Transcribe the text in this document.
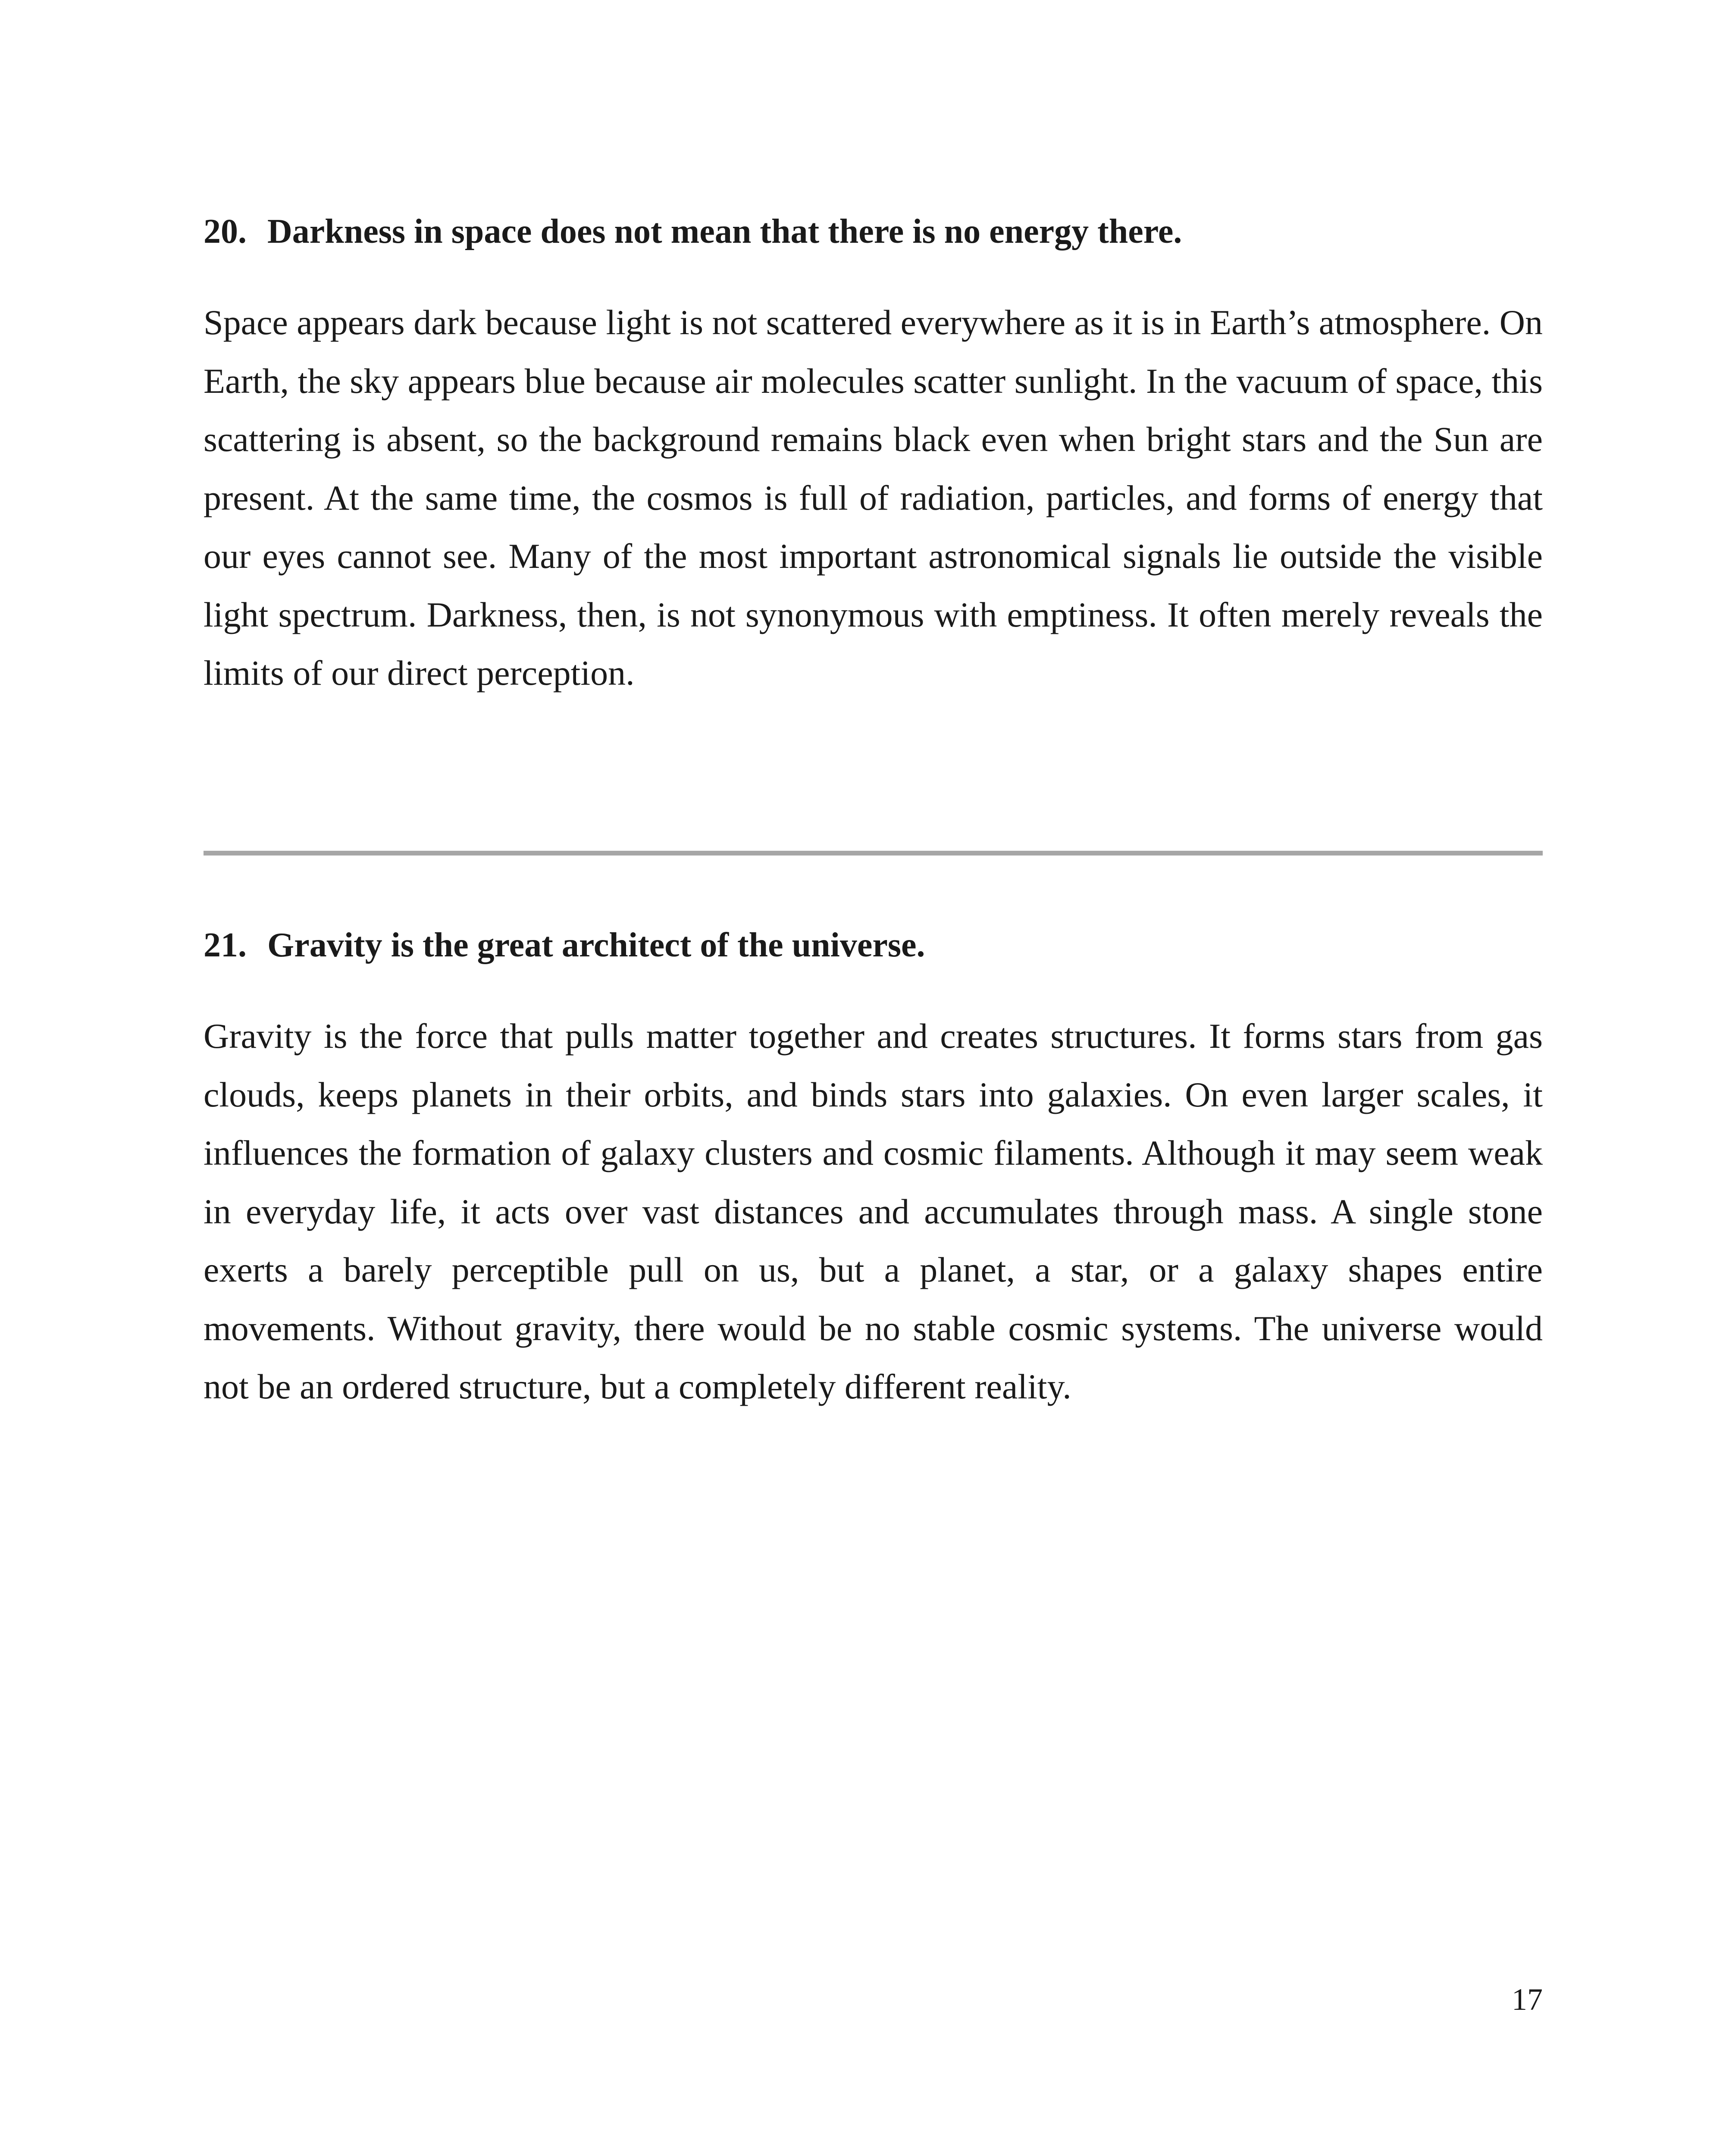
20. Darkness in space does not mean that there is no energy there.

Space appears dark because light is not scattered everywhere as it is in Earth’s atmosphere. On Earth, the sky appears blue because air molecules scatter sunlight. In the vacuum of space, this scattering is absent, so the background remains black even when bright stars and the Sun are present. At the same time, the cosmos is full of radiation, particles, and forms of energy that our eyes cannot see. Many of the most important astronomical signals lie outside the visible light spectrum. Darkness, then, is not synonymous with emptiness. It often merely reveals the limits of our direct perception.

21. Gravity is the great architect of the universe.

Gravity is the force that pulls matter together and creates structures. It forms stars from gas clouds, keeps planets in their orbits, and binds stars into galaxies. On even larger scales, it influences the formation of galaxy clusters and cosmic filaments. Although it may seem weak in everyday life, it acts over vast distances and accumulates through mass. A single stone exerts a barely perceptible pull on us, but a planet, a star, or a galaxy shapes entire movements. Without gravity, there would be no stable cosmic systems. The universe would not be an ordered structure, but a completely different reality.

17
